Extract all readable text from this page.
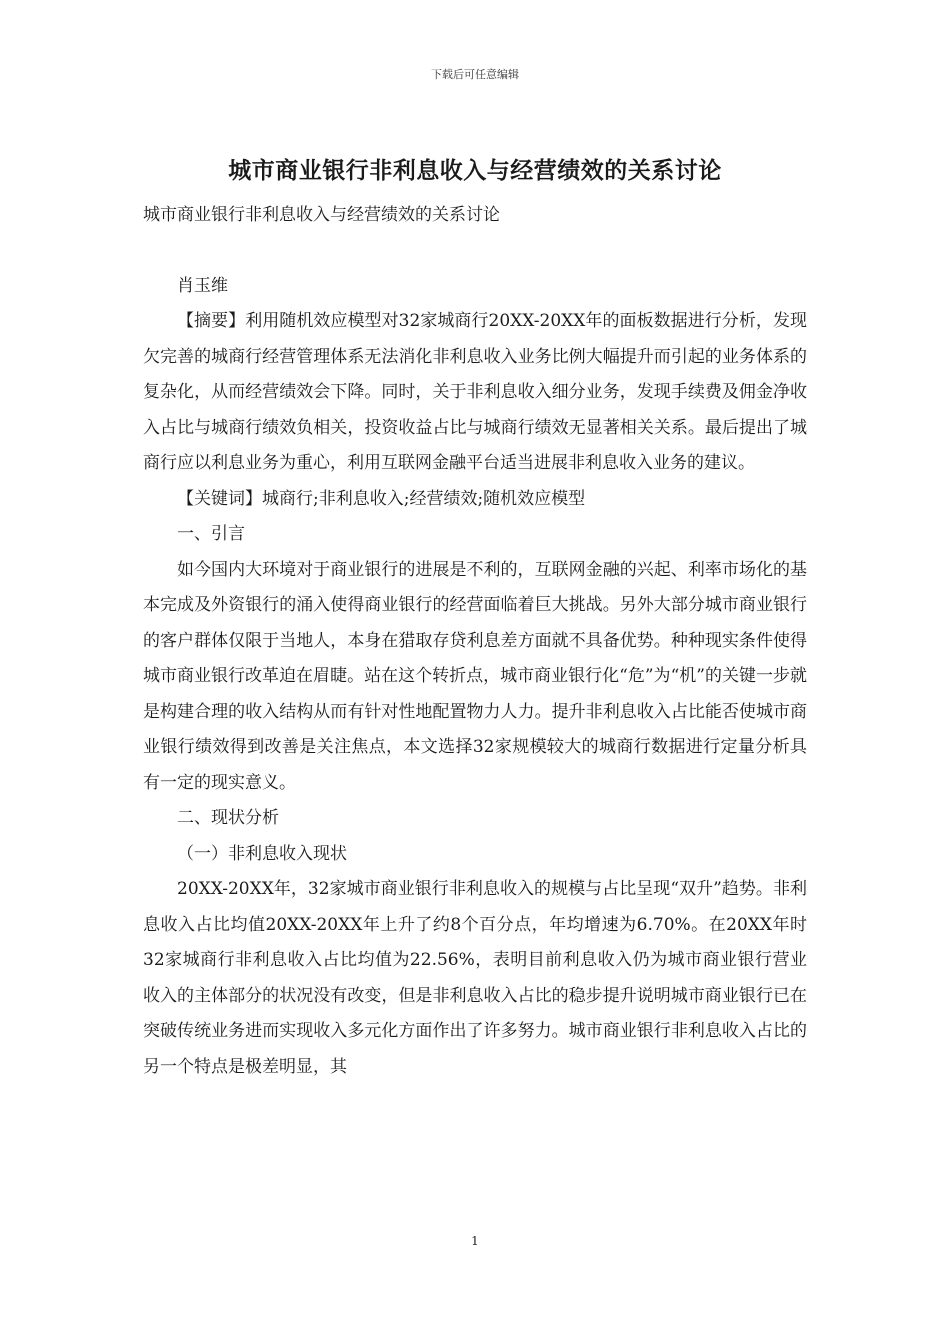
下载后可任意编辑
城市商业银行非利息收入与经营绩效的关系讨论

城市商业银行非利息收入与经营绩效的关系讨论

肖玉维

【摘要】利用随机效应模型对32家城商行20XX-20XX年的面板数据进行分析，发现欠完善的城商行经营管理体系无法消化非利息收入业务比例大幅提升而引起的业务体系的复杂化，从而经营绩效会下降。同时，关于非利息收入细分业务，发现手续费及佣金净收入占比与城商行绩效负相关，投资收益占比与城商行绩效无显著相关关系。最后提出了城商行应以利息业务为重心，利用互联网金融平台适当进展非利息收入业务的建议。

【关键词】城商行;非利息收入;经营绩效;随机效应模型

一、引言

如今国内大环境对于商业银行的进展是不利的，互联网金融的兴起、利率市场化的基本完成及外资银行的涌入使得商业银行的经营面临着巨大挑战。另外大部分城市商业银行的客户群体仅限于当地人，本身在猎取存贷利息差方面就不具备优势。种种现实条件使得城市商业银行改革迫在眉睫。站在这个转折点，城市商业银行化“危”为“机”的关键一步就是构建合理的收入结构从而有针对性地配置物力人力。提升非利息收入占比能否使城市商业银行绩效得到改善是关注焦点，本文选择32家规模较大的城商行数据进行定量分析具有一定的现实意义。

二、现状分析

（一）非利息收入现状

20XX-20XX年，32家城市商业银行非利息收入的规模与占比呈现“双升”趋势。非利息收入占比均值20XX-20XX年上升了约8个百分点，年均增速为6.70%。在20XX年时32家城商行非利息收入占比均值为22.56%，表明目前利息收入仍为城市商业银行营业收入的主体部分的状况没有改变，但是非利息收入占比的稳步提升说明城市商业银行已在突破传统业务进而实现收入多元化方面作出了许多努力。城市商业银行非利息收入占比的另一个特点是极差明显，其

1
